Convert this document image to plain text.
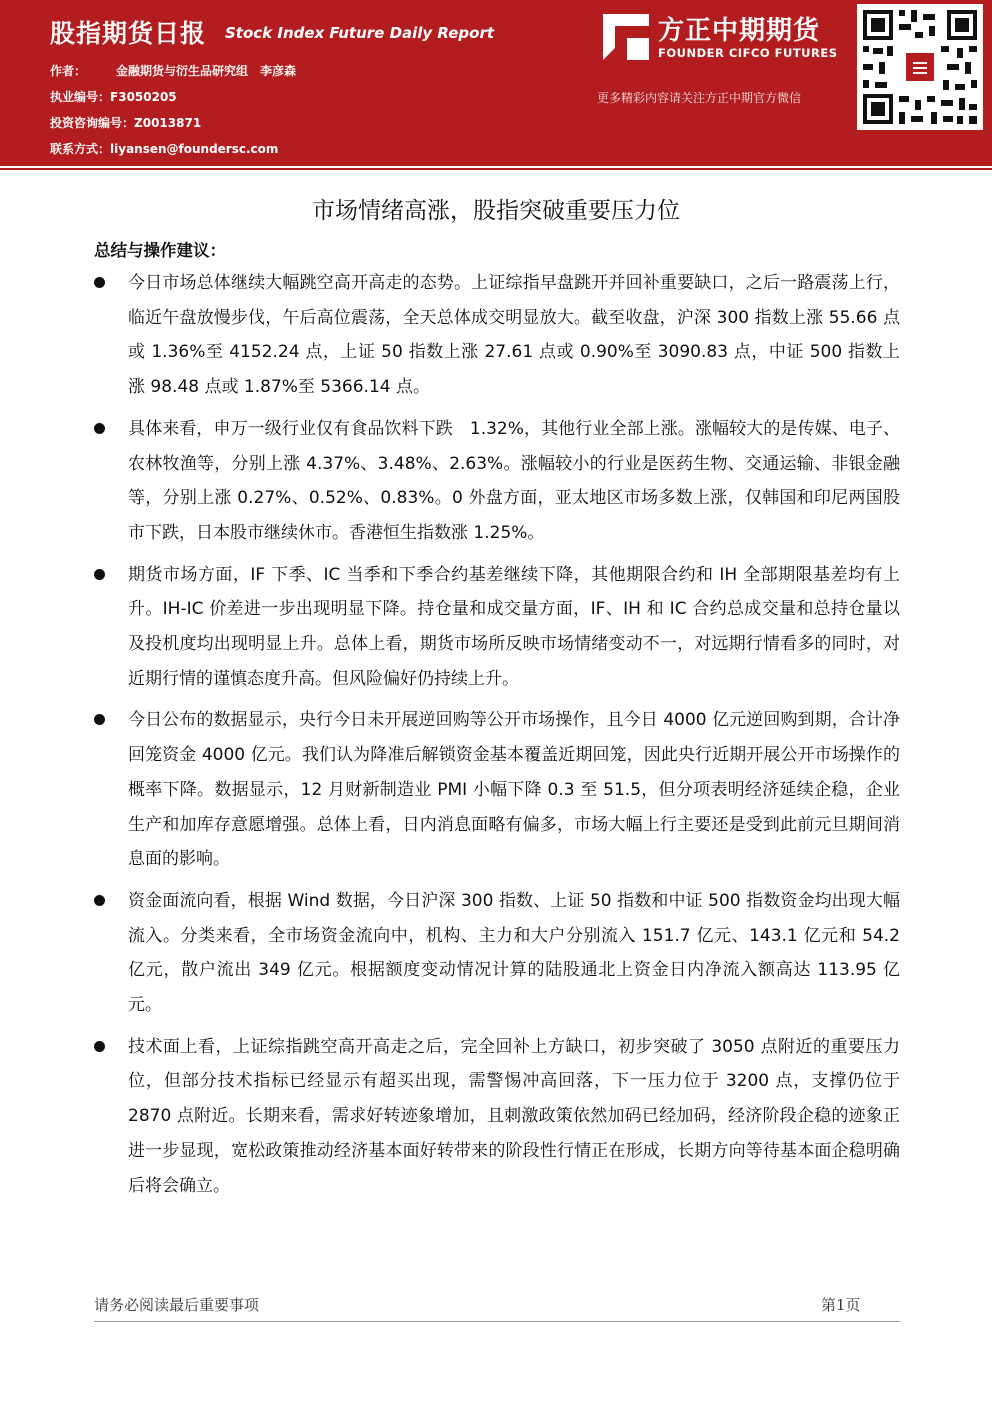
股指期货日报 Stock Index Future Daily Report
作者：	金融期货与衍生品研究组　李彦森
执业编号：F3050205
投资咨询编号：Z0013871
联系方式：liyansen@foundersc.com
方正中期期货
FOUNDER CIFCO FUTURES
更多精彩内容请关注方正中期官方微信
市场情绪高涨，股指突破重要压力位
总结与操作建议：
今日市场总体继续大幅跳空高开高走的态势。上证综指早盘跳开并回补重要缺口，之后一路震荡上行，临近午盘放慢步伐，午后高位震荡，全天总体成交明显放大。截至收盘，沪深 300 指数上涨 55.66 点或 1.36%至 4152.24 点，上证 50 指数上涨 27.61 点或 0.90%至 3090.83 点，中证 500 指数上涨 98.48 点或 1.87%至 5366.14 点。
具体来看，申万一级行业仅有食品饮料下跌　1.32%，其他行业全部上涨。涨幅较大的是传媒、电子、农林牧渔等，分别上涨 4.37%、3.48%、2.63%。涨幅较小的行业是医药生物、交通运输、非银金融等，分别上涨 0.27%、0.52%、0.83%。0 外盘方面，亚太地区市场多数上涨，仅韩国和印尼两国股市下跌，日本股市继续休市。香港恒生指数涨 1.25%。
期货市场方面，IF 下季、IC 当季和下季合约基差继续下降，其他期限合约和 IH 全部期限基差均有上升。IH-IC 价差进一步出现明显下降。持仓量和成交量方面，IF、IH 和 IC 合约总成交量和总持仓量以及投机度均出现明显上升。总体上看，期货市场所反映市场情绪变动不一，对远期行情看多的同时，对近期行情的谨慎态度升高。但风险偏好仍持续上升。
今日公布的数据显示，央行今日未开展逆回购等公开市场操作，且今日 4000 亿元逆回购到期，合计净回笼资金 4000 亿元。我们认为降准后解锁资金基本覆盖近期回笼，因此央行近期开展公开市场操作的概率下降。数据显示，12 月财新制造业 PMI 小幅下降 0.3 至 51.5，但分项表明经济延续企稳，企业生产和加库存意愿增强。总体上看，日内消息面略有偏多，市场大幅上行主要还是受到此前元旦期间消息面的影响。
资金面流向看，根据 Wind 数据，今日沪深 300 指数、上证 50 指数和中证 500 指数资金均出现大幅流入。分类来看，全市场资金流向中，机构、主力和大户分别流入 151.7 亿元、143.1 亿元和 54.2 亿元，散户流出 349 亿元。根据额度变动情况计算的陆股通北上资金日内净流入额高达 113.95 亿元。
技术面上看，上证综指跳空高开高走之后，完全回补上方缺口，初步突破了 3050 点附近的重要压力位，但部分技术指标已经显示有超买出现，需警惕冲高回落，下一压力位于 3200 点，支撑仍位于 2870 点附近。长期来看，需求好转迹象增加，且刺激政策依然加码已经加码，经济阶段企稳的迹象正进一步显现，宽松政策推动经济基本面好转带来的阶段性行情正在形成，长期方向等待基本面企稳明确后将会确立。
请务必阅读最后重要事项	第1页
